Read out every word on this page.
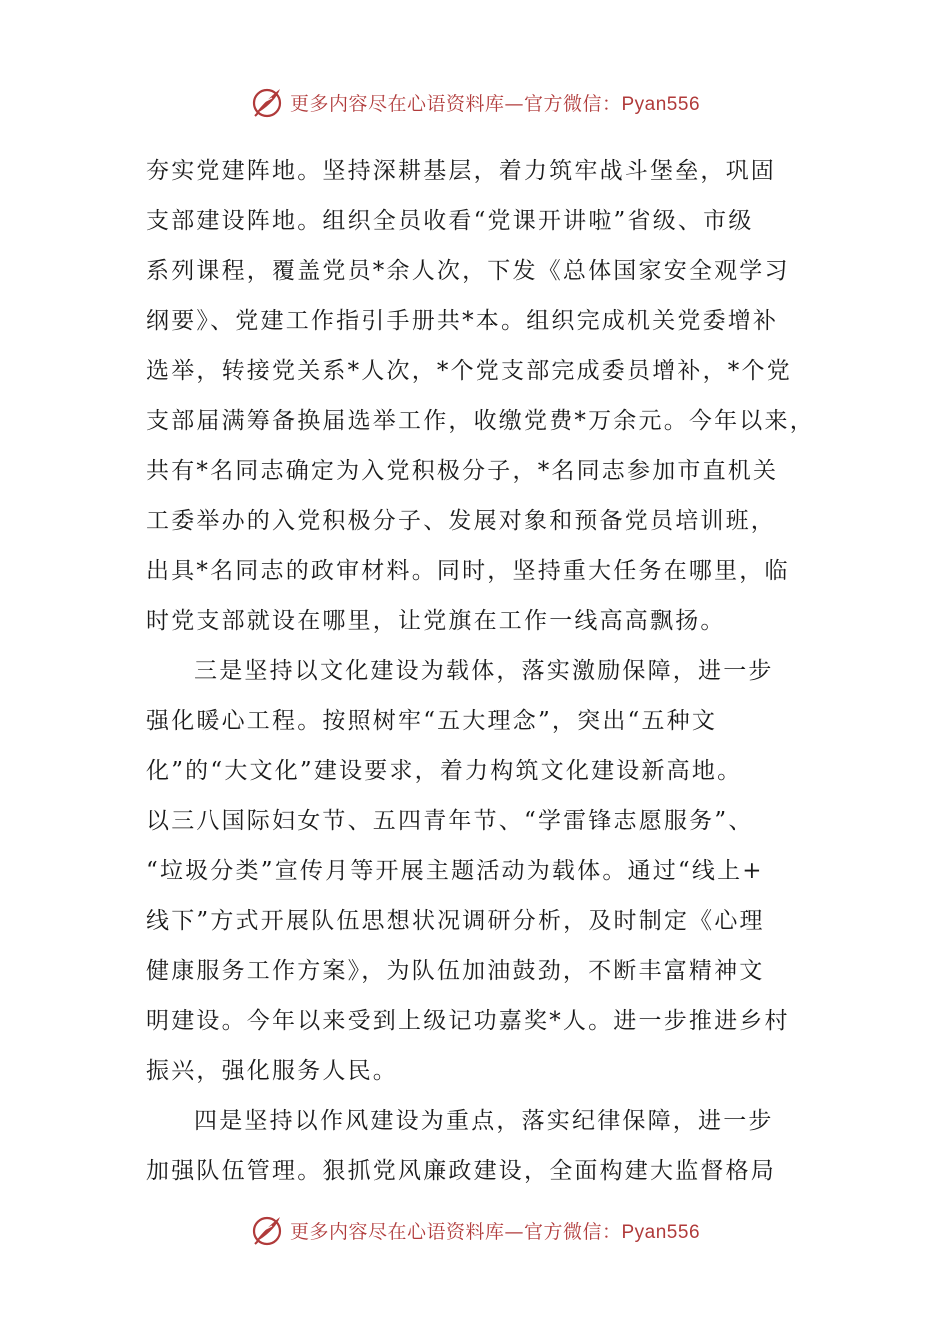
更多内容尽在心语资料库—官方微信：Pyan556
夯实党建阵地。坚持深耕基层，着力筑牢战斗堡垒，巩固
支部建设阵地。组织全员收看“党课开讲啦”省级、市级
系列课程，覆盖党员*余人次，下发《总体国家安全观学习
纲要》、党建工作指引手册共*本。组织完成机关党委增补
选举，转接党关系*人次，*个党支部完成委员增补，*个党
支部届满筹备换届选举工作，收缴党费*万余元。今年以来，
共有*名同志确定为入党积极分子，*名同志参加市直机关
工委举办的入党积极分子、发展对象和预备党员培训班，
出具*名同志的政审材料。同时，坚持重大任务在哪里，临
时党支部就设在哪里，让党旗在工作一线高高飘扬。
三是坚持以文化建设为载体，落实激励保障，进一步
强化暖心工程。按照树牢“五大理念”，突出“五种文
化”的“大文化”建设要求，着力构筑文化建设新高地。
以三八国际妇女节、五四青年节、“学雷锋志愿服务”、
“垃圾分类”宣传月等开展主题活动为载体。通过“线上+
线下”方式开展队伍思想状况调研分析，及时制定《心理
健康服务工作方案》，为队伍加油鼓劲，不断丰富精神文
明建设。今年以来受到上级记功嘉奖*人。进一步推进乡村
振兴，强化服务人民。
四是坚持以作风建设为重点，落实纪律保障，进一步
加强队伍管理。狠抓党风廉政建设，全面构建大监督格局
更多内容尽在心语资料库—官方微信：Pyan556
